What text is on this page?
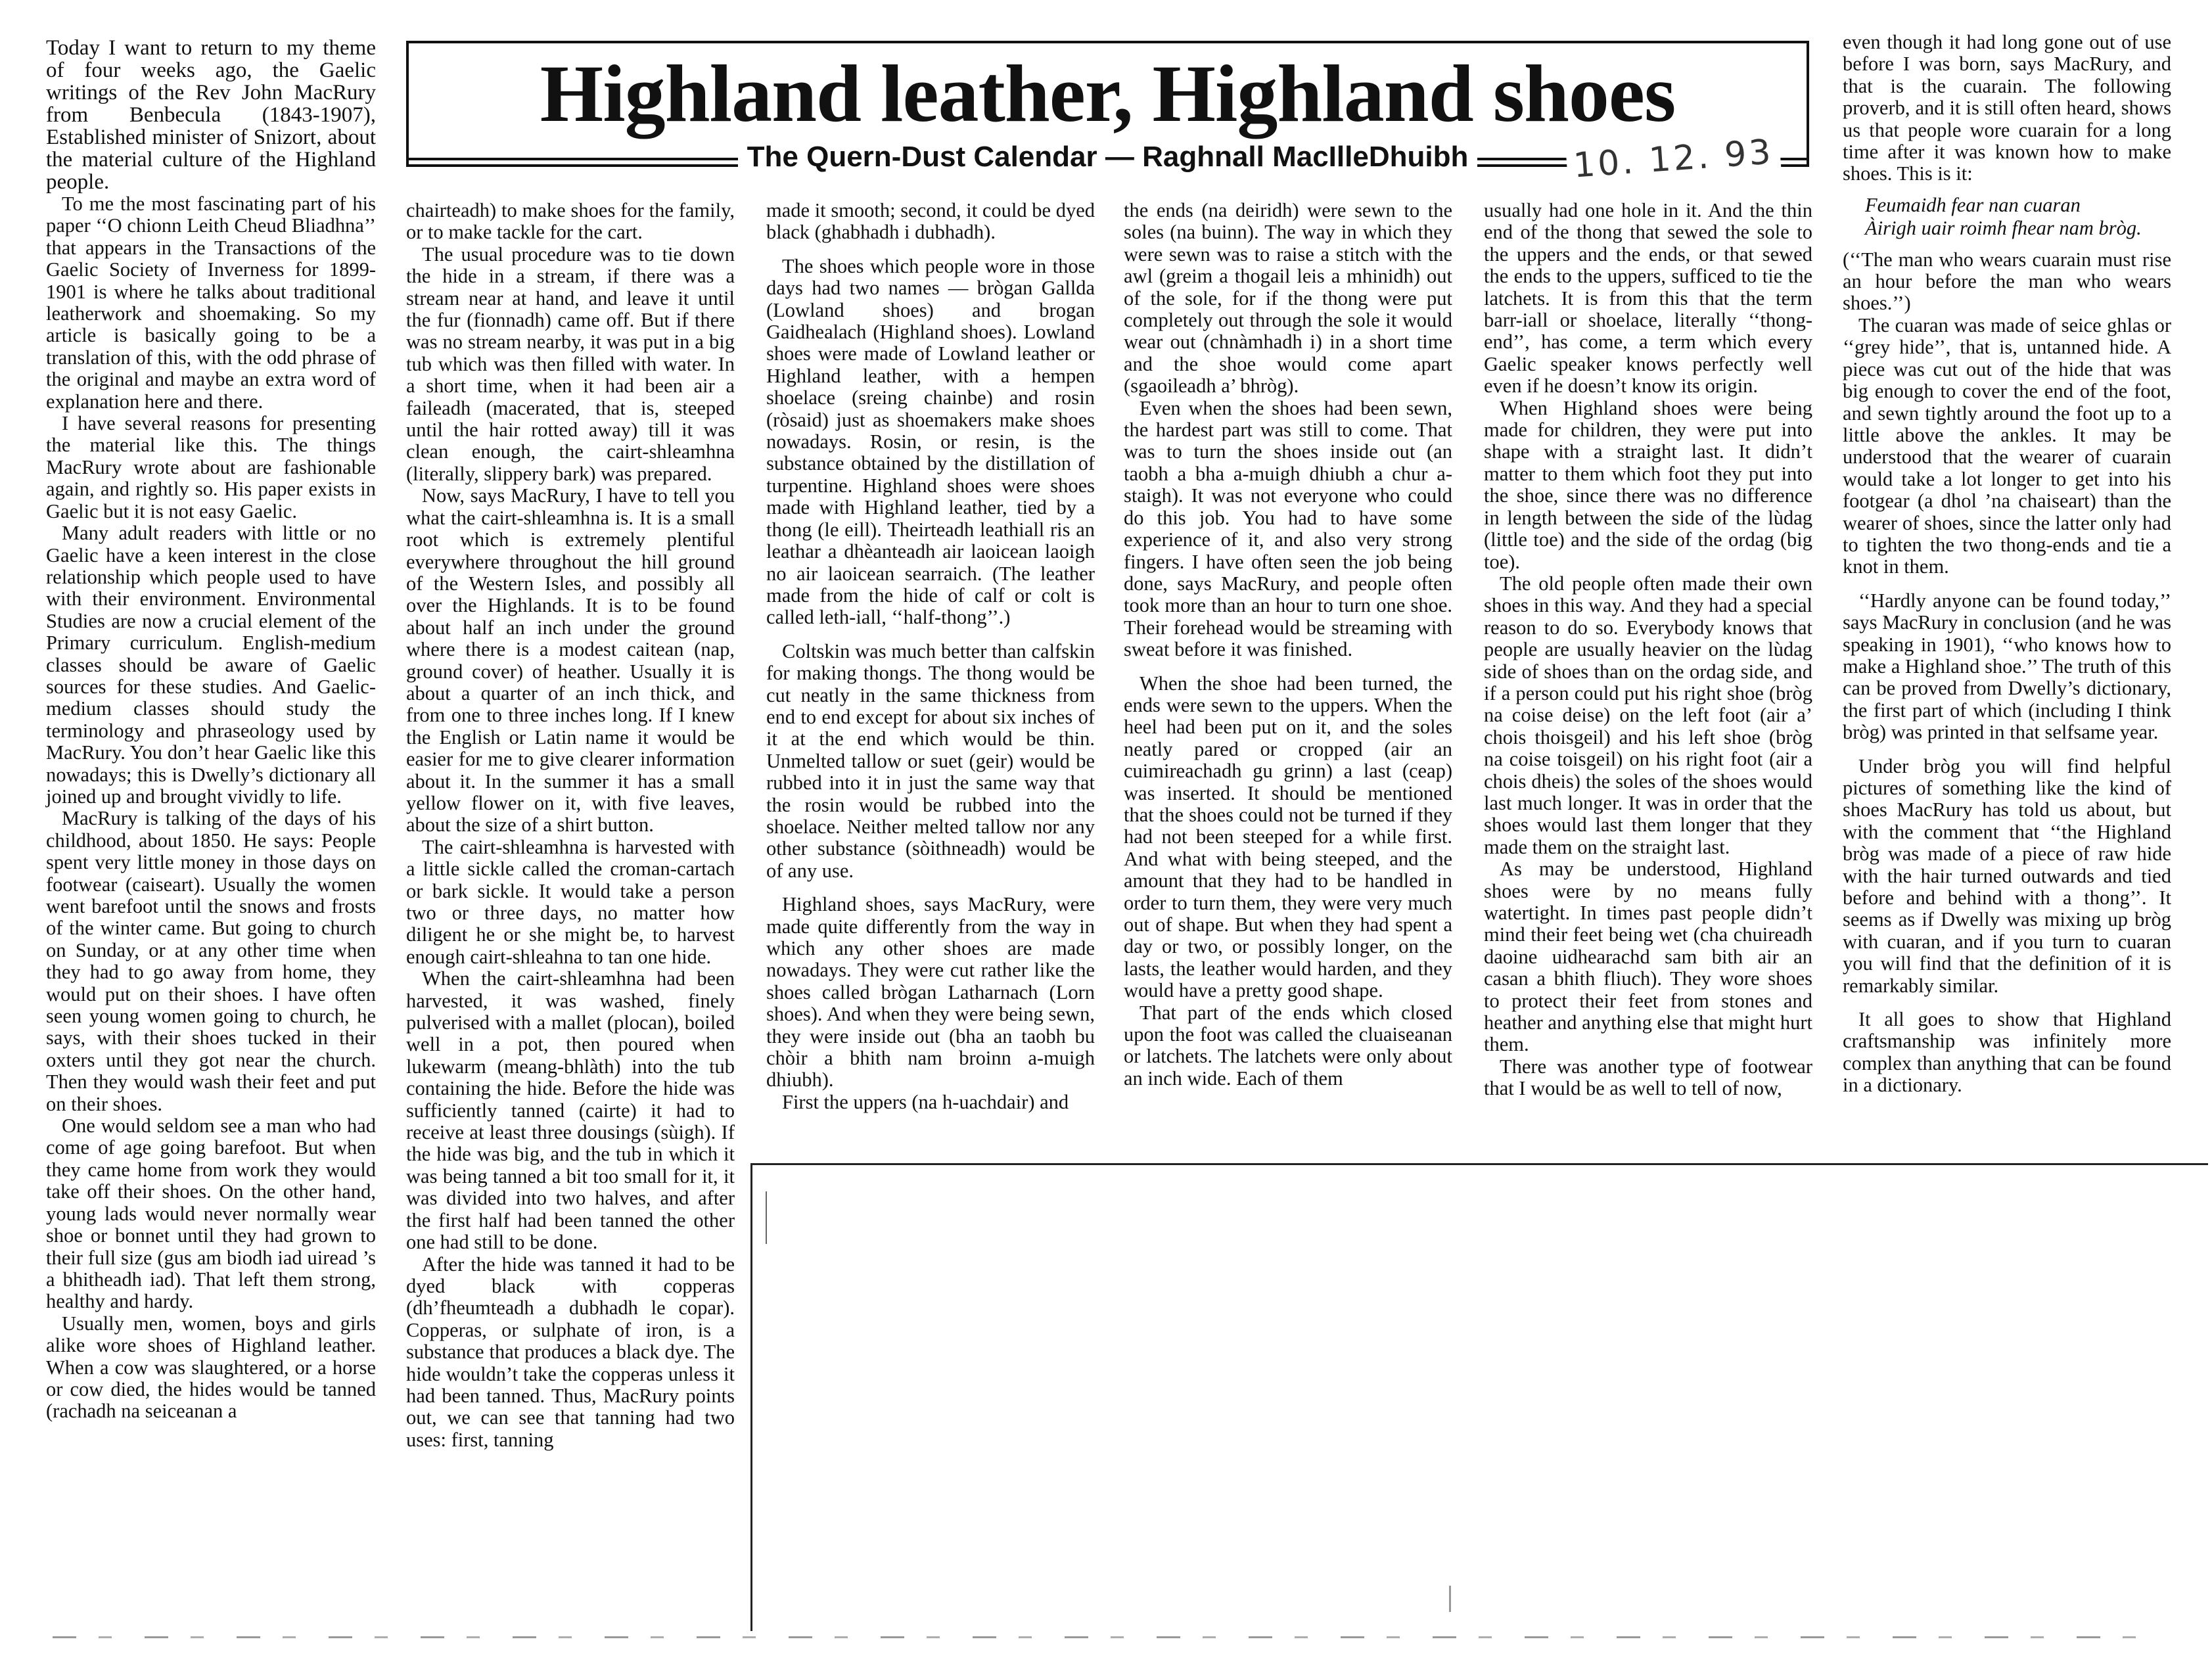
Highland leather, Highland shoes
The Quern-Dust Calendar — Raghnall MacIlleDhuibh	10. 12. 93

Today I want to return to my theme of four weeks ago, the Gaelic writings of the Rev John MacRury from Benbecula (1843-1907), Established minister of Snizort, about the material culture of the Highland people.

To me the most fascinating part of his paper ‘‘O chionn Leith Cheud Bliadhna’’ that appears in the Transactions of the Gaelic Society of Inverness for 1899-1901 is where he talks about traditional leatherwork and shoemaking. So my article is basically going to be a translation of this, with the odd phrase of the original and maybe an extra word of explanation here and there.

I have several reasons for presenting the material like this. The things MacRury wrote about are fashionable again, and rightly so. His paper exists in Gaelic but it is not easy Gaelic.

Many adult readers with little or no Gaelic have a keen interest in the close relationship which people used to have with their environment. Environmental Studies are now a crucial element of the Primary curriculum. English-medium classes should be aware of Gaelic sources for these studies. And Gaelic-medium classes should study the terminology and phraseology used by MacRury. You don’t hear Gaelic like this nowadays; this is Dwelly’s dictionary all joined up and brought vividly to life.

MacRury is talking of the days of his childhood, about 1850. He says: People spent very little money in those days on footwear (caiseart). Usually the women went barefoot until the snows and frosts of the winter came. But going to church on Sunday, or at any other time when they had to go away from home, they would put on their shoes. I have often seen young women going to church, he says, with their shoes tucked in their oxters until they got near the church. Then they would wash their feet and put on their shoes.

One would seldom see a man who had come of age going barefoot. But when they came home from work they would take off their shoes. On the other hand, young lads would never normally wear shoe or bonnet until they had grown to their full size (gus am biodh iad uiread ’s a bhitheadh iad). That left them strong, healthy and hardy.

Usually men, women, boys and girls alike wore shoes of Highland leather. When a cow was slaughtered, or a horse or cow died, the hides would be tanned (rachadh na seiceanan a

chairteadh) to make shoes for the family, or to make tackle for the cart.

The usual procedure was to tie down the hide in a stream, if there was a stream near at hand, and leave it until the fur (fionnadh) came off. But if there was no stream nearby, it was put in a big tub which was then filled with water. In a short time, when it had been air a faileadh (macerated, that is, steeped until the hair rotted away) till it was clean enough, the cairt-shleamhna (literally, slippery bark) was prepared.

Now, says MacRury, I have to tell you what the cairt-shleamhna is. It is a small root which is extremely plentiful everywhere throughout the hill ground of the Western Isles, and possibly all over the Highlands. It is to be found about half an inch under the ground where there is a modest caitean (nap, ground cover) of heather. Usually it is about a quarter of an inch thick, and from one to three inches long. If I knew the English or Latin name it would be easier for me to give clearer information about it. In the summer it has a small yellow flower on it, with five leaves, about the size of a shirt button.

The cairt-shleamhna is harvested with a little sickle called the croman-cartach or bark sickle. It would take a person two or three days, no matter how diligent he or she might be, to harvest enough cairt-shleahna to tan one hide.

When the cairt-shleamhna had been harvested, it was washed, finely pulverised with a mallet (plocan), boiled well in a pot, then poured when lukewarm (meang-bhlàth) into the tub containing the hide. Before the hide was sufficiently tanned (cairte) it had to receive at least three dousings (sùigh). If the hide was big, and the tub in which it was being tanned a bit too small for it, it was divided into two halves, and after the first half had been tanned the other one had still to be done.

After the hide was tanned it had to be dyed black with copperas (dh’fheumteadh a dubhadh le copar). Copperas, or sulphate of iron, is a substance that produces a black dye. The hide wouldn’t take the copperas unless it had been tanned. Thus, MacRury points out, we can see that tanning had two uses: first, tanning

made it smooth; second, it could be dyed black (ghabhadh i dubhadh).

The shoes which people wore in those days had two names — brògan Gallda (Lowland shoes) and brogan Gaidhealach (Highland shoes). Lowland shoes were made of Lowland leather or Highland leather, with a hempen shoelace (sreing chainbe) and rosin (ròsaid) just as shoemakers make shoes nowadays. Rosin, or resin, is the substance obtained by the distillation of turpentine. Highland shoes were shoes made with Highland leather, tied by a thong (le eill). Theirteadh leathiall ris an leathar a dhèanteadh air laoicean laoigh no air laoicean searraich. (The leather made from the hide of calf or colt is called leth-iall, ‘‘half-thong’’.)

Coltskin was much better than calfskin for making thongs. The thong would be cut neatly in the same thickness from end to end except for about six inches of it at the end which would be thin. Unmelted tallow or suet (geir) would be rubbed into it in just the same way that the rosin would be rubbed into the shoelace. Neither melted tallow nor any other substance (sòithneadh) would be of any use.

Highland shoes, says MacRury, were made quite differently from the way in which any other shoes are made nowadays. They were cut rather like the shoes called brògan Latharnach (Lorn shoes). And when they were being sewn, they were inside out (bha an taobh bu chòir a bhith nam broinn a-muigh dhiubh).

First the uppers (na h-uachdair) and

the ends (na deiridh) were sewn to the soles (na buinn). The way in which they were sewn was to raise a stitch with the awl (greim a thogail leis a mhinidh) out of the sole, for if the thong were put completely out through the sole it would wear out (chnàmhadh i) in a short time and the shoe would come apart (sgaoileadh a’ bhròg).

Even when the shoes had been sewn, the hardest part was still to come. That was to turn the shoes inside out (an taobh a bha a-muigh dhiubh a chur a-staigh). It was not everyone who could do this job. You had to have some experience of it, and also very strong fingers. I have often seen the job being done, says MacRury, and people often took more than an hour to turn one shoe. Their forehead would be streaming with sweat before it was finished.

When the shoe had been turned, the ends were sewn to the uppers. When the heel had been put on it, and the soles neatly pared or cropped (air an cuimireachadh gu grinn) a last (ceap) was inserted. It should be mentioned that the shoes could not be turned if they had not been steeped for a while first. And what with being steeped, and the amount that they had to be handled in order to turn them, they were very much out of shape. But when they had spent a day or two, or possibly longer, on the lasts, the leather would harden, and they would have a pretty good shape.

That part of the ends which closed upon the foot was called the cluaiseanan or latchets. The latchets were only about an inch wide. Each of them

usually had one hole in it. And the thin end of the thong that sewed the sole to the uppers and the ends, or that sewed the ends to the uppers, sufficed to tie the latchets. It is from this that the term barr-iall or shoelace, literally ‘‘thong-end’’, has come, a term which every Gaelic speaker knows perfectly well even if he doesn’t know its origin.

When Highland shoes were being made for children, they were put into shape with a straight last. It didn’t matter to them which foot they put into the shoe, since there was no difference in length between the side of the lùdag (little toe) and the side of the ordag (big toe).

The old people often made their own shoes in this way. And they had a special reason to do so. Everybody knows that people are usually heavier on the lùdag side of shoes than on the ordag side, and if a person could put his right shoe (bròg na coise deise) on the left foot (air a’ chois thoisgeil) and his left shoe (bròg na coise toisgeil) on his right foot (air a chois dheis) the soles of the shoes would last much longer. It was in order that the shoes would last them longer that they made them on the straight last.

As may be understood, Highland shoes were by no means fully watertight. In times past people didn’t mind their feet being wet (cha chuireadh daoine uidhearachd sam bith air an casan a bhith fliuch). They wore shoes to protect their feet from stones and heather and anything else that might hurt them.

There was another type of footwear that I would be as well to tell of now,

even though it had long gone out of use before I was born, says MacRury, and that is the cuarain. The following proverb, and it is still often heard, shows us that people wore cuarain for a long time after it was known how to make shoes. This is it:

Feumaidh fear nan cuaran

Àirigh uair roimh fhear nam bròg.

(‘‘The man who wears cuarain must rise an hour before the man who wears shoes.’’)

The cuaran was made of seice ghlas or ‘‘grey hide’’, that is, untanned hide. A piece was cut out of the hide that was big enough to cover the end of the foot, and sewn tightly around the foot up to a little above the ankles. It may be understood that the wearer of cuarain would take a lot longer to get into his footgear (a dhol ’na chaiseart) than the wearer of shoes, since the latter only had to tighten the two thong-ends and tie a knot in them.

‘‘Hardly anyone can be found today,’’ says MacRury in conclusion (and he was speaking in 1901), ‘‘who knows how to make a Highland shoe.’’ The truth of this can be proved from Dwelly’s dictionary, the first part of which (including I think bròg) was printed in that selfsame year.

Under bròg you will find helpful pictures of something like the kind of shoes MacRury has told us about, but with the comment that ‘‘the Highland bròg was made of a piece of raw hide with the hair turned outwards and tied before and behind with a thong’’. It seems as if Dwelly was mixing up bròg with cuaran, and if you turn to cuaran you will find that the definition of it is remarkably similar.

It all goes to show that Highland craftsmanship was infinitely more complex than anything that can be found in a dictionary.
